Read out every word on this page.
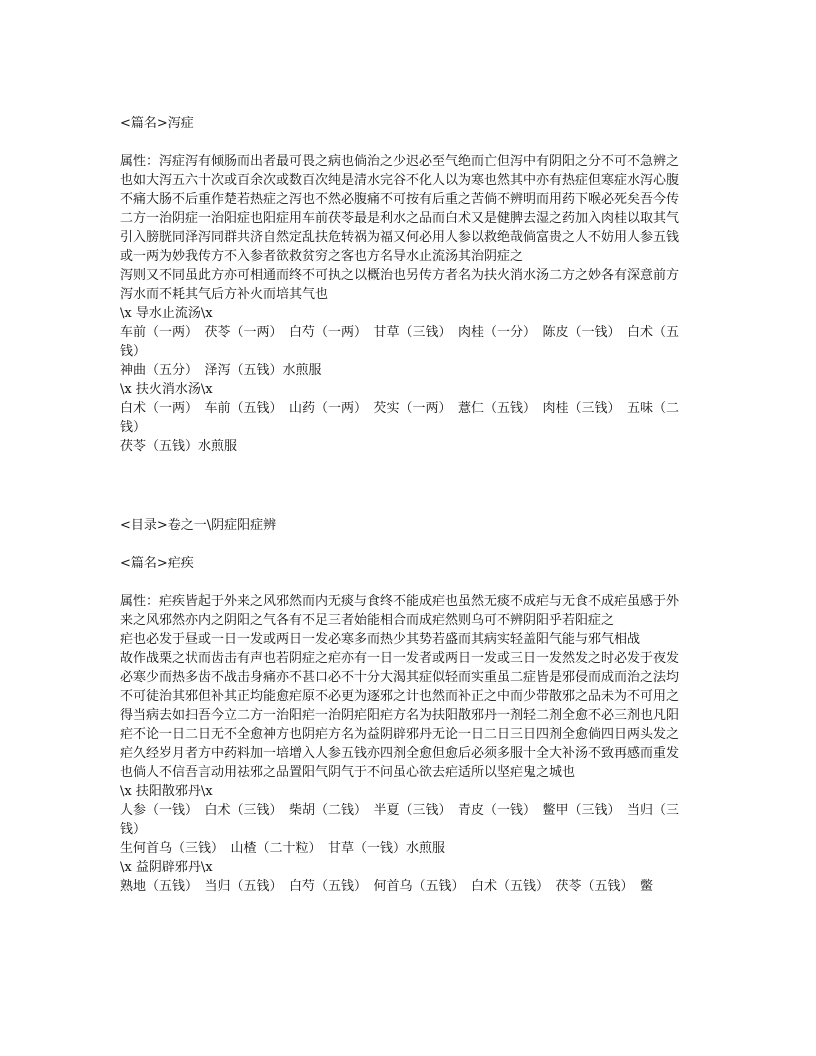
<篇名>泻症

属性：泻症泻有倾肠而出者最可畏之病也倘治之少迟必至气绝而亡但泻中有阴阳之分不可不急辨之

也如大泻五六十次或百余次或数百次纯是清水完谷不化人以为寒也然其中亦有热症但寒症水泻心腹不痛大肠不后重作楚若热症之泻也不然必腹痛不可按有后重之苦倘不辨明而用药下喉必死矣吾今传二方一治阴症一治阳症也阳症用车前茯苓最是利水之品而白术又是健脾去湿之药加入肉桂以取其气引入膀胱同泽泻同群共济自然定乱扶危转祸为福又何必用人参以救绝哉倘富贵之人不妨用人参五钱或一两为妙我传方不入参者欲救贫穷之客也方名导水止流汤其治阴症之

泻则又不同虽此方亦可相通而终不可执之以概治也另传方者名为扶火消水汤二方之妙各有深意前方泻水而不耗其气后方补火而培其气也

\x 导水止流汤\x

车前（一两）　茯苓（一两）　白芍（一两）　甘草（三钱）　肉桂（一分）　陈皮（一钱）　白术（五钱）

神曲（五分）　泽泻（五钱）水煎服

\x 扶火消水汤\x

白术（一两）　车前（五钱）　山药（一两）　芡实（一两）　薏仁（五钱）　肉桂（三钱）　五味（二钱）

茯苓（五钱）水煎服

<目录>卷之一\阴症阳症辨

<篇名>疟疾

属性：疟疾皆起于外来之风邪然而内无痰与食终不能成疟也虽然无痰不成疟与无食不成疟虽感于外

来之风邪然亦内之阴阳之气各有不足三者始能相合而成疟然则乌可不辨阴阳乎若阳症之

疟也必发于昼或一日一发或两日一发必寒多而热少其势若盛而其病实轻盖阳气能与邪气相战

故作战栗之状而齿击有声也若阴症之疟亦有一日一发者或两日一发或三日一发然发之时必发于夜发必寒少而热多齿不战击身痛亦不甚口必不十分大渴其症似轻而实重虽二症皆是邪侵而成而治之法均不可徒治其邪但补其正均能愈疟原不必更为逐邪之计也然而补正之中而少带散邪之品未为不可用之得当病去如扫吾今立二方一治阳疟一治阴疟阳疟方名为扶阳散邪丹一剂轻二剂全愈不必三剂也凡阳疟不论一日二日无不全愈神方也阴疟方名为益阴辟邪丹无论一日二日三日四剂全愈倘四日两头发之疟久经岁月者方中药料加一培增入人参五钱亦四剂全愈但愈后必须多服十全大补汤不致再感而重发也倘人不信吾言动用祛邪之品置阳气阴气于不问虽心欲去疟适所以坚疟鬼之城也

\x 扶阳散邪丹\x

人参（一钱）　白术（三钱）　柴胡（二钱）　半夏（三钱）　青皮（一钱）　鳖甲（三钱）　当归（三钱）

生何首乌（三钱）　山楂（二十粒）　甘草（一钱）水煎服

\x 益阴辟邪丹\x

熟地（五钱）　当归（五钱）　白芍（五钱）　何首乌（五钱）　白术（五钱）　茯苓（五钱）　鳖
